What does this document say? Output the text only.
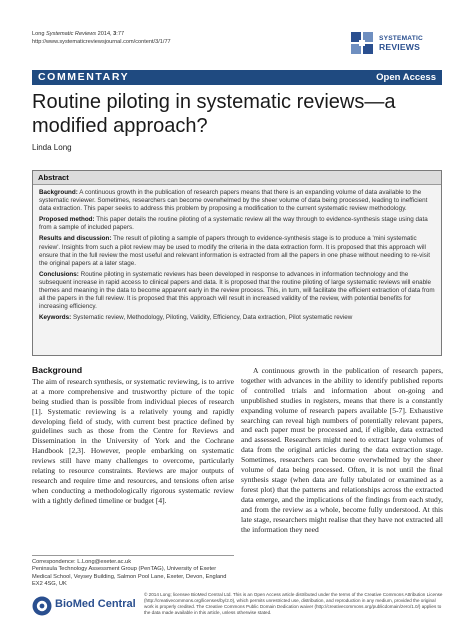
Long Systematic Reviews 2014, 3:77
http://www.systematicreviewsjournal.com/content/3/1/77	SYSTEMATIC
REVIEWS
COMMENTARY	Open Access
Routine piloting in systematic reviews—a
modified approach?
Linda Long
Abstract
Background: A continuous growth in the publication of research papers means that there is an expanding volume of data available to the systematic reviewer. Sometimes, researchers can become overwhelmed by the sheer volume of data being processed, leading to inefficient data extraction. This paper seeks to address this problem by proposing a modification to the current systematic review methodology.
Proposed method: This paper details the routine piloting of a systematic review all the way through to evidence-synthesis stage using data from a sample of included papers.
Results and discussion: The result of piloting a sample of papers through to evidence-synthesis stage is to produce a 'mini systematic review'. Insights from such a pilot review may be used to modify the criteria in the data extraction form. It is proposed that this approach will ensure that in the full review the most useful and relevant information is extracted from all the papers in one phase without needing to re-visit the original papers at a later stage.
Conclusions: Routine piloting in systematic reviews has been developed in response to advances in information technology and the subsequent increase in rapid access to clinical papers and data. It is proposed that the routine piloting of large systematic reviews will enable themes and meaning in the data to become apparent early in the review process. This, in turn, will facilitate the efficient extraction of data from all the papers in the full review. It is proposed that this approach will result in increased validity of the review, with potential benefits for increasing efficiency.
Keywords: Systematic review, Methodology, Piloting, Validity, Efficiency, Data extraction, Pilot systematic review
Background

The aim of research synthesis, or systematic reviewing, is to arrive at a more comprehensive and trustworthy picture of the topic being studied than is possible from individual pieces of research [1]. Systematic reviewing is a relatively young and rapidly developing field of study, with current best practice defined by guidelines such as those from the Centre for Reviews and Dissemination in the University of York and the Cochrane Handbook [2,3]. However, people embarking on systematic reviews still have many challenges to overcome, particularly relating to resource constraints. Reviews are major outputs of research and require time and resources, and tensions often arise when conducting a methodologically rigorous systematic review with a tightly defined timeline or budget [4].

A continuous growth in the publication of research papers, together with advances in the ability to identify published reports of controlled trials and information about on-going and unpublished studies in registers, means that there is a constantly expanding volume of research papers available [5-7]. Exhaustive searching can reveal high numbers of potentially relevant papers, and each paper must be processed and, if eligible, data extracted and assessed. Researchers might need to extract large volumes of data from the original articles during the data extraction stage. Sometimes, researchers can become overwhelmed by the sheer volume of data being processed. Often, it is not until the final synthesis stage (when data are fully tabulated or examined as a forest plot) that the patterns and relationships across the extracted data emerge, and the implications of the findings from each study, and from the review as a whole, become fully understood. At this late stage, researchers might realise that they have not extracted all the information they need

Correspondence: L.Long@exeter.ac.uk
Peninsula Technology Assessment Group (PenTAG), University of Exeter Medical School, Veysey Building, Salmon Pool Lane, Exeter, Devon, England EX2 4SG, UK
BioMed Central
© 2014 Long; licensee BioMed Central Ltd. This is an Open Access article distributed under the terms of the Creative Commons Attribution License (http://creativecommons.org/licenses/by/2.0), which permits unrestricted use, distribution, and reproduction in any medium, provided the original work is properly credited. The Creative Commons Public Domain Dedication waiver (http://creativecommons.org/publicdomain/zero/1.0/) applies to the data made available in this article, unless otherwise stated.
